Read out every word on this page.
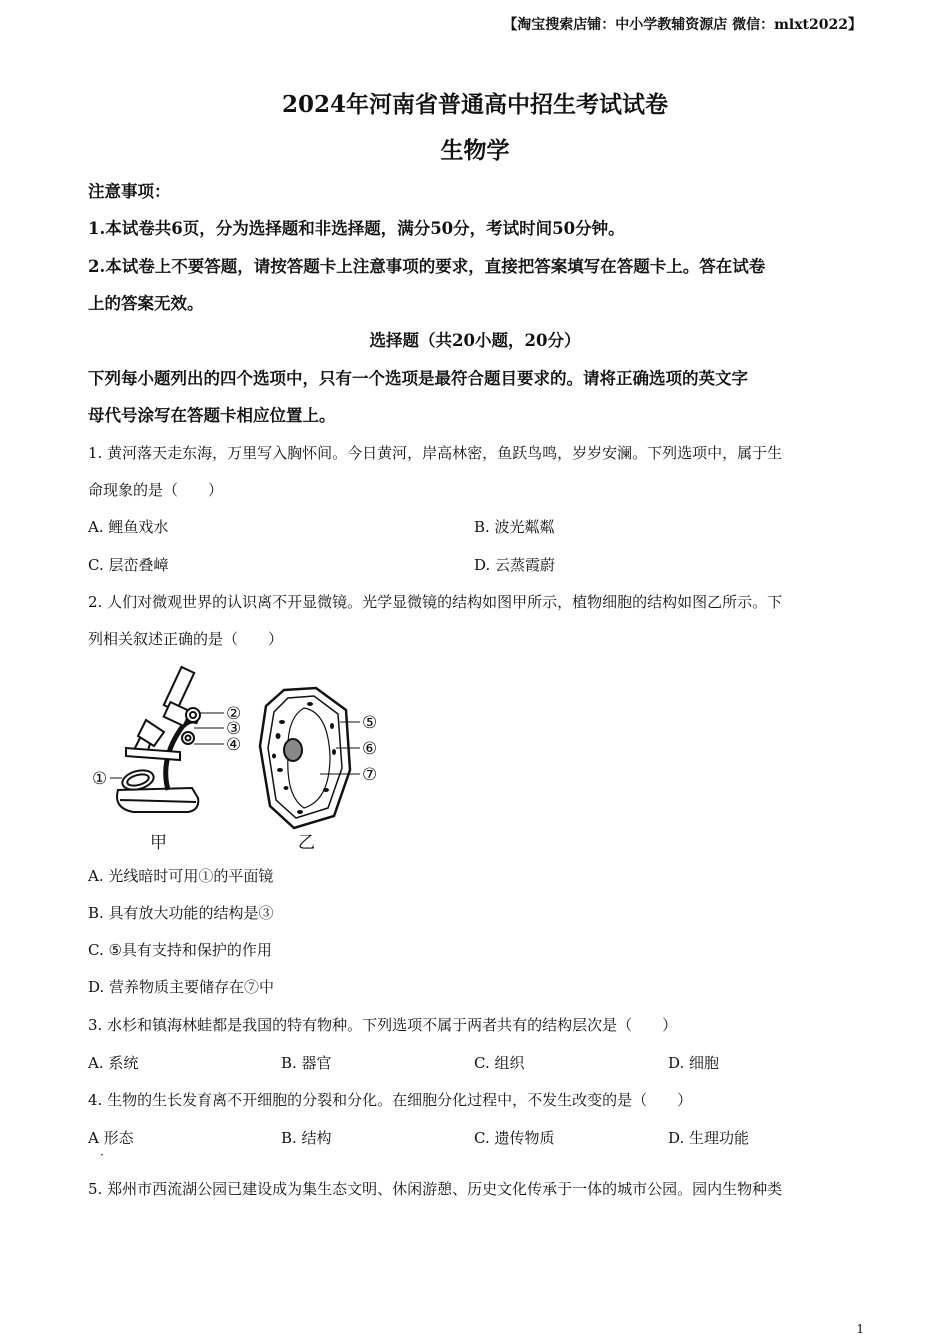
【淘宝搜索店铺：中小学教辅资源店 微信：mlxt2022】
2024年河南省普通高中招生考试试卷
生物学
注意事项：
1.本试卷共6页，分为选择题和非选择题，满分50分，考试时间50分钟。
2.本试卷上不要答题，请按答题卡上注意事项的要求，直接把答案填写在答题卡上。答在试卷
上的答案无效。
选择题（共20小题，20分）
下列每小题列出的四个选项中，只有一个选项是最符合题目要求的。请将正确选项的英文字
母代号涂写在答题卡相应位置上。
1. 黄河落天走东海，万里写入胸怀间。今日黄河，岸高林密，鱼跃鸟鸣，岁岁安澜。下列选项中，属于生
命现象的是（　　）
A. 鲤鱼戏水	B. 波光粼粼
C. 层峦叠嶂	D. 云蒸霞蔚
2. 人们对微观世界的认识离不开显微镜。光学显微镜的结构如图甲所示，植物细胞的结构如图乙所示。下
列相关叙述正确的是（　　）
②
③
④
①
⑤
⑥
⑦
甲	乙
A. 光线暗时可用①的平面镜
B. 具有放大功能的结构是③
C. ⑤具有支持和保护的作用
D. 营养物质主要储存在⑦中
3. 水杉和镇海林蛙都是我国的特有物种。下列选项不属于两者共有的结构层次是（　　）
A. 系统	B. 器官	C. 组织	D. 细胞
4. 生物的生长发育离不开细胞的分裂和分化。在细胞分化过程中，不发生改变的是（　　）
A 形态
·
B. 结构	C. 遗传物质	D. 生理功能
5. 郑州市西流湖公园已建设成为集生态文明、休闲游憩、历史文化传承于一体的城市公园。园内生物种类
1
